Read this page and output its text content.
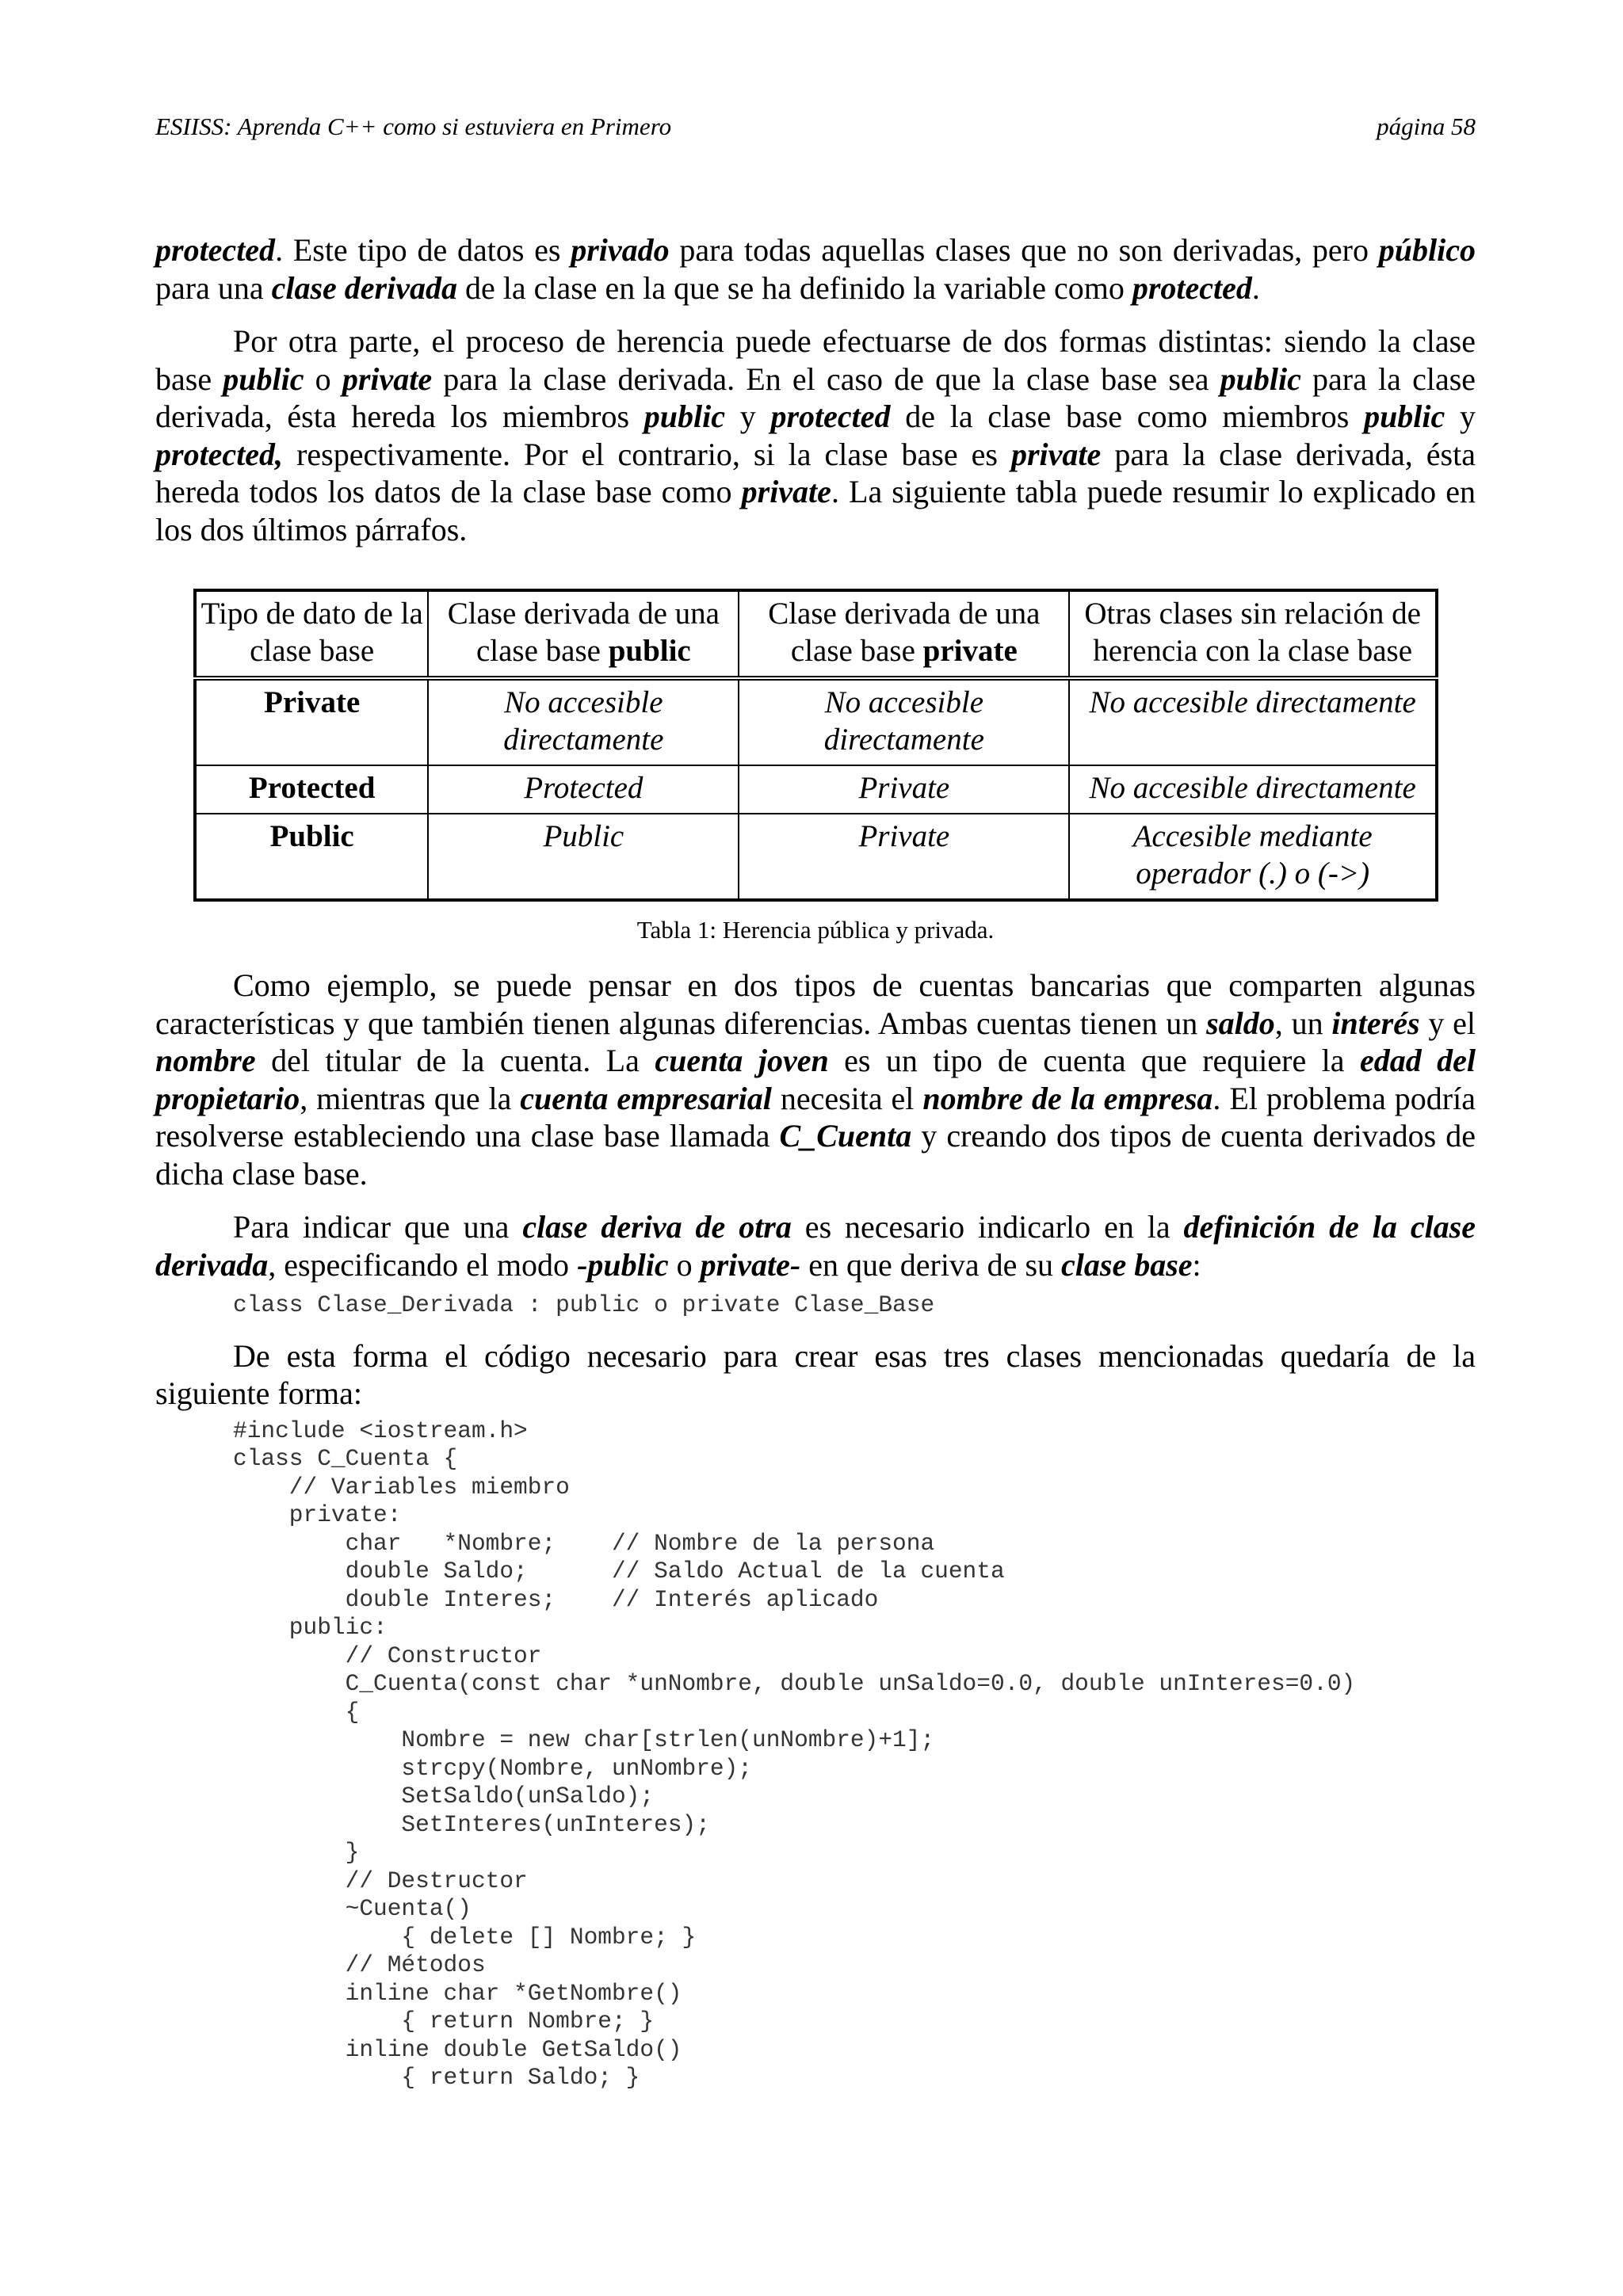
ESIISS: Aprenda C++ como si estuviera en Primero	página 58

protected. Este tipo de datos es privado para todas aquellas clases que no son derivadas, pero público para una clase derivada de la clase en la que se ha definido la variable como protected.

Por otra parte, el proceso de herencia puede efectuarse de dos formas distintas: siendo la clase base public o private para la clase derivada. En el caso de que la clase base sea public para la clase derivada, ésta hereda los miembros public y protected de la clase base como miembros public y protected, respectivamente. Por el contrario, si la clase base es private para la clase derivada, ésta hereda todos los datos de la clase base como private. La siguiente tabla puede resumir lo explicado en los dos últimos párrafos.

Tipo de dato de la clase base	Clase derivada de una clase base public	Clase derivada de una clase base private	Otras clases sin relación de herencia con la clase base
Private	No accesible directamente	No accesible directamente	No accesible directamente
Protected	Protected	Private	No accesible directamente
Public	Public	Private	Accesible mediante operador (.) o (->)
Tabla 1: Herencia pública y privada.

Como ejemplo, se puede pensar en dos tipos de cuentas bancarias que comparten algunas características y que también tienen algunas diferencias. Ambas cuentas tienen un saldo, un interés y el nombre del titular de la cuenta. La cuenta joven es un tipo de cuenta que requiere la edad del propietario, mientras que la cuenta empresarial necesita el nombre de la empresa. El problema podría resolverse estableciendo una clase base llamada C_Cuenta y creando dos tipos de cuenta derivados de dicha clase base.

Para indicar que una clase deriva de otra es necesario indicarlo en la definición de la clase derivada, especificando el modo -public o private- en que deriva de su clase base:

class Clase_Derivada : public o private Clase_Base

De esta forma el código necesario para crear esas tres clases mencionadas quedaría de la siguiente forma:

#include <iostream.h>
class C_Cuenta {
// Variables miembro
private:
char   *Nombre;    // Nombre de la persona
double Saldo;      // Saldo Actual de la cuenta
double Interes;    // Interés aplicado
public:
// Constructor
C_Cuenta(const char *unNombre, double unSaldo=0.0, double unInteres=0.0)
{
Nombre = new char[strlen(unNombre)+1];
strcpy(Nombre, unNombre);
SetSaldo(unSaldo);
SetInteres(unInteres);
}
// Destructor
~Cuenta()
{ delete [] Nombre; }
// Métodos
inline char *GetNombre()
{ return Nombre; }
inline double GetSaldo()
{ return Saldo; }
